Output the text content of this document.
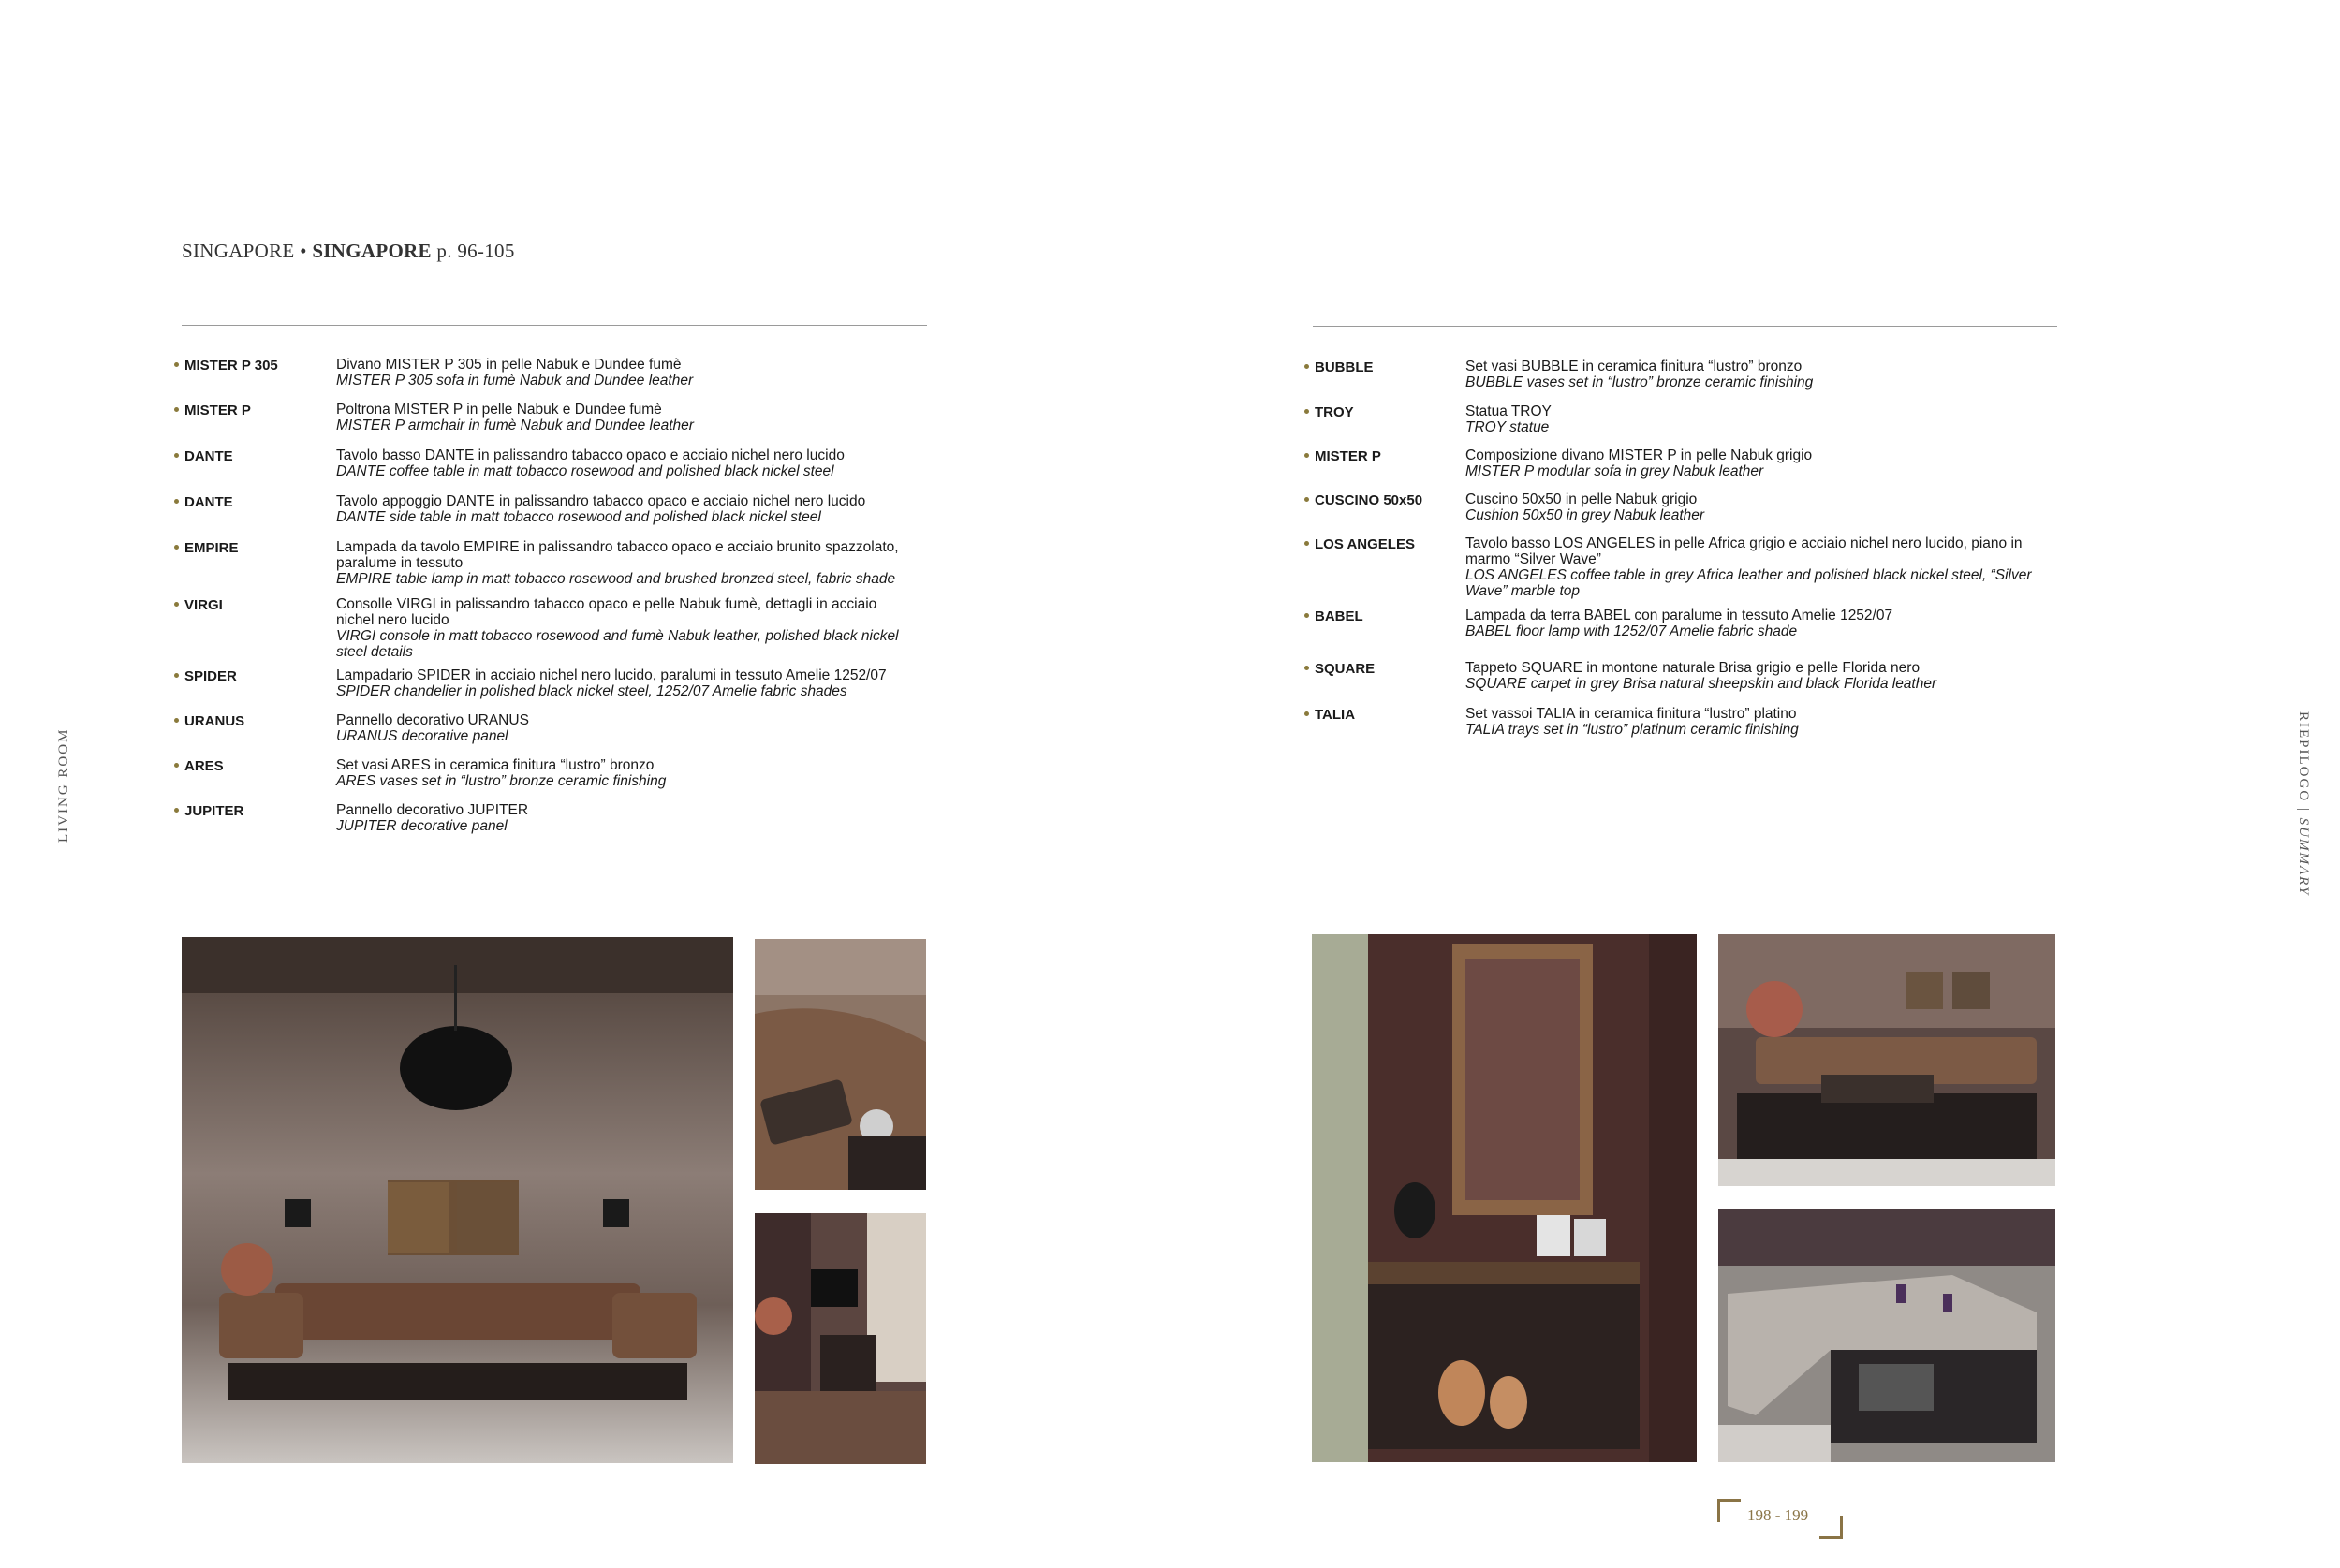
SINGAPORE • SINGAPORE p. 96-105
MISTER P 305	Divano MISTER P 305 in pelle Nabuk e Dundee fumè
MISTER P 305 sofa in fumè Nabuk and Dundee leather
MISTER P	Poltrona MISTER P in pelle Nabuk e Dundee fumè
MISTER P armchair in fumè Nabuk and Dundee leather
DANTE	Tavolo basso DANTE in palissandro tabacco opaco e acciaio nichel nero lucido
DANTE coffee table in matt tobacco rosewood and polished black nickel steel
DANTE	Tavolo appoggio DANTE in palissandro tabacco opaco e acciaio nichel nero lucido
DANTE side table in matt tobacco rosewood and polished black nickel steel
EMPIRE	Lampada da tavolo EMPIRE in palissandro tabacco opaco e acciaio brunito spazzolato, paralume in tessuto
EMPIRE table lamp in matt tobacco rosewood and brushed bronzed steel, fabric shade
VIRGI	Consolle VIRGI in palissandro tabacco opaco e pelle Nabuk fumè, dettagli in acciaio nichel nero lucido
VIRGI console in matt tobacco rosewood and fumè Nabuk leather, polished black nickel steel details
SPIDER	Lampadario SPIDER in acciaio nichel nero lucido, paralumi in tessuto Amelie 1252/07
SPIDER chandelier in polished black nickel steel, 1252/07 Amelie fabric shades
URANUS	Pannello decorativo URANUS
URANUS decorative panel
ARES	Set vasi ARES in ceramica finitura “lustro” bronzo
ARES vases set in “lustro” bronze ceramic finishing
JUPITER	Pannello decorativo JUPITER
JUPITER decorative panel
BUBBLE	Set vasi BUBBLE in ceramica finitura “lustro” bronzo
BUBBLE vases set in “lustro” bronze ceramic finishing
TROY	Statua TROY
TROY statue
MISTER P	Composizione divano MISTER P in pelle Nabuk grigio
MISTER P modular sofa in grey Nabuk leather
CUSCINO 50x50	Cuscino 50x50 in pelle Nabuk grigio
Cushion 50x50 in grey Nabuk leather
LOS ANGELES	Tavolo basso LOS ANGELES in pelle Africa grigio e acciaio nichel nero lucido, piano in marmo “Silver Wave”
LOS ANGELES coffee table in grey Africa leather and polished black nickel steel, “Silver Wave” marble top
BABEL	Lampada da terra BABEL con paralume in tessuto Amelie 1252/07
BABEL floor lamp with 1252/07 Amelie fabric shade
SQUARE	Tappeto SQUARE in montone naturale Brisa grigio e pelle Florida nero
SQUARE carpet in grey Brisa natural sheepskin and black Florida leather
TALIA	Set vassoi TALIA in ceramica finitura “lustro” platino
TALIA trays set in “lustro” platinum ceramic finishing
LIVING ROOM	RIEPILOGO | SUMMARY
198 - 199
